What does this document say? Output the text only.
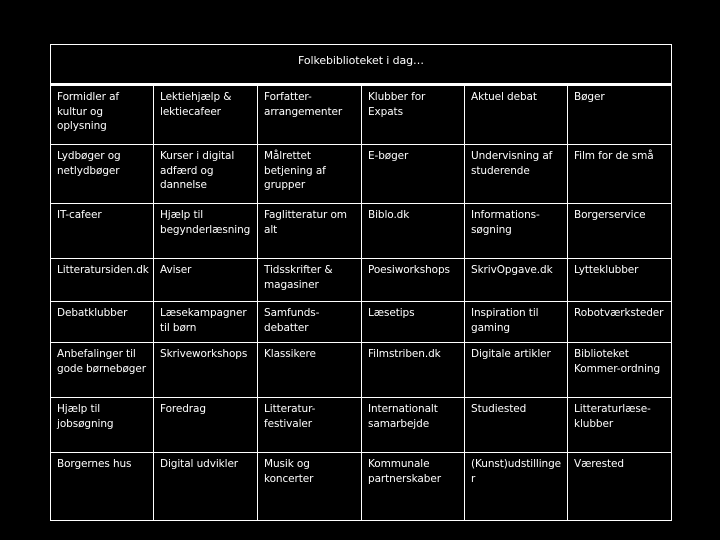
Folkebiblioteket i dag…					

Formidler af kultur og oplysning	Lektiehjælp & lektiecafeer	Forfatter-arrangementer	Klubber for Expats	Aktuel debat	Bøger

Lydbøger og netlydbøger	Kurser i digital adfærd og dannelse	Målrettet betjening af grupper	E-bøger	Undervisning af studerende	Film for de små

IT-cafeer	Hjælp til begynderlæsning	Faglitteratur om alt	Biblo.dk	Informations-søgning	Borgerservice

Litteratursiden.dk	Aviser	Tidsskrifter & magasiner	Poesiworkshops	SkrivOpgave.dk	Lytteklubber

Debatklubber	Læsekampagner til børn	Samfunds-debatter	Læsetips	Inspiration til gaming	Robotværksteder

Anbefalinger til gode børnebøger	Skriveworkshops	Klassikere	Filmstriben.dk	Digitale artikler	Biblioteket Kommer-ordning

Hjælp til jobsøgning	Foredrag	Litteratur-festivaler	Internationalt samarbejde	Studiested	Litteraturlæse-klubber

Borgernes hus	Digital udvikler	Musik og koncerter	Kommunale partnerskaber	(Kunst)udstillinger	Værested
